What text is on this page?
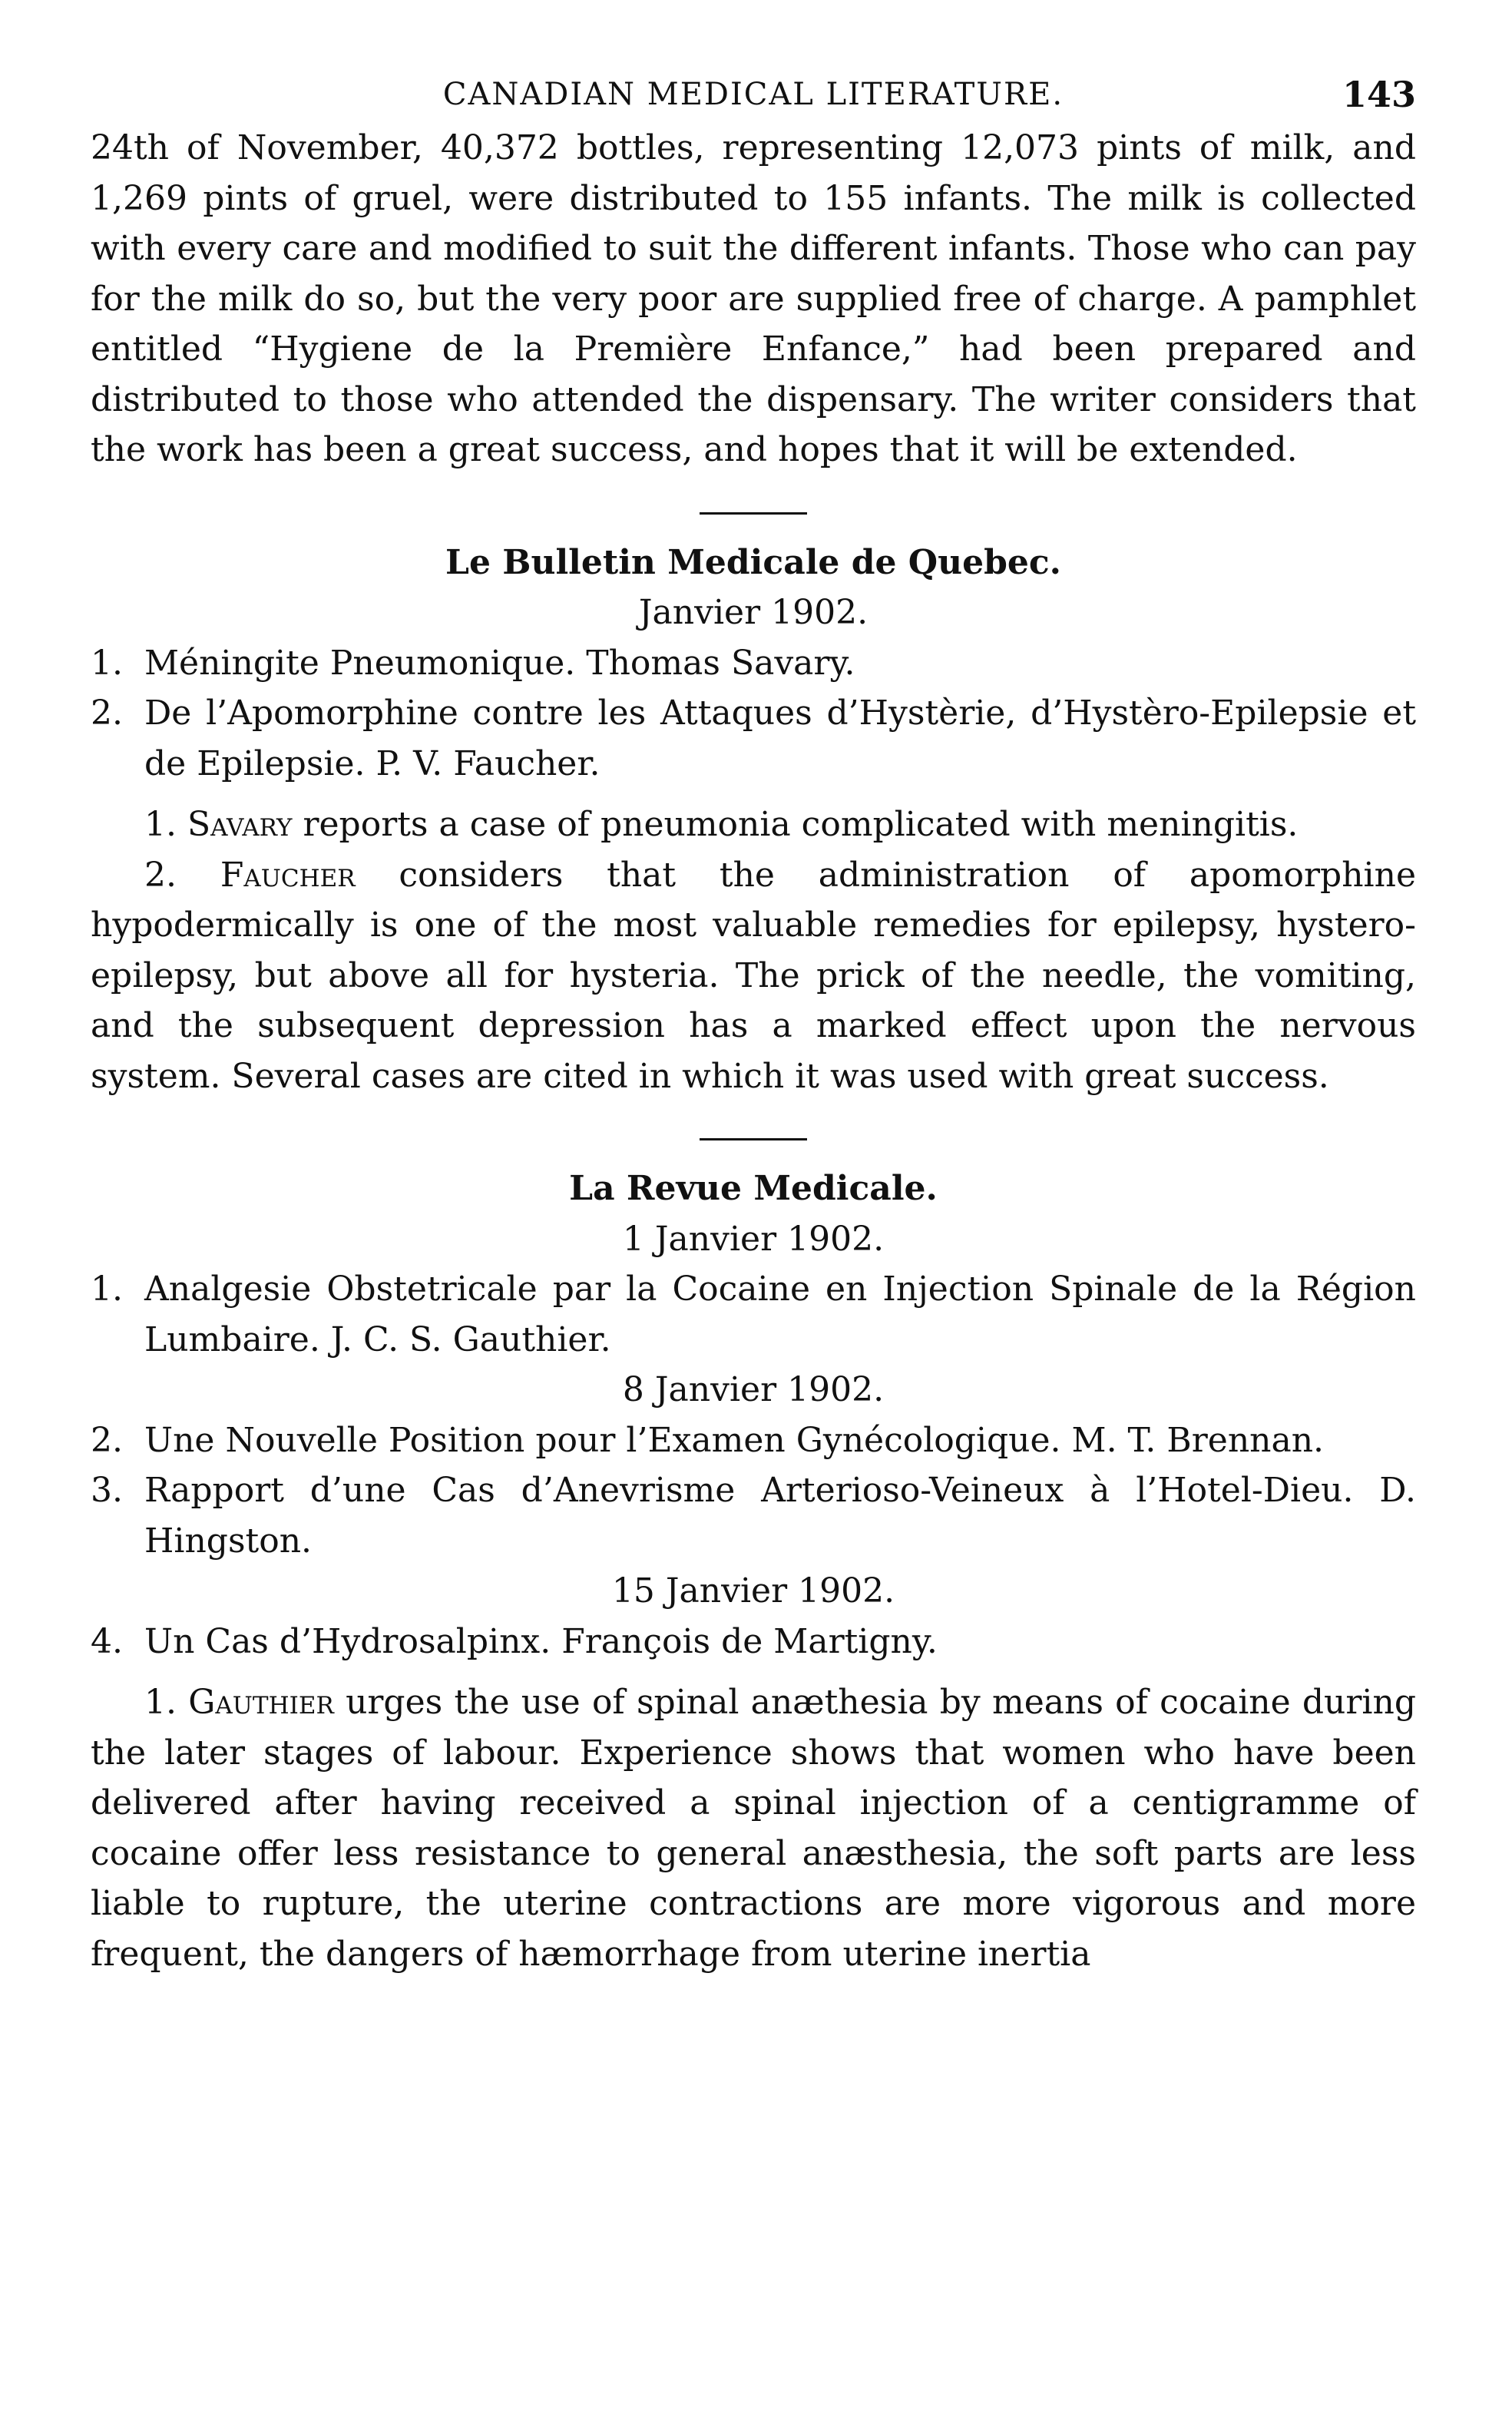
CANADIAN MEDICAL LITERATURE.	143

24th of November, 40,372 bottles, representing 12,073 pints of milk, and 1,269 pints of gruel, were distributed to 155 infants. The milk is collected with every care and modified to suit the different infants. Those who can pay for the milk do so, but the very poor are supplied free of charge. A pamphlet entitled “Hygiene de la Première Enfance,” had been prepared and distributed to those who attended the dispensary. The writer considers that the work has been a great success, and hopes that it will be extended.

Le Bulletin Medicale de Quebec.
Janvier 1902.
1. Méningite Pneumonique. Thomas Savary.
2. De l’Apomorphine contre les Attaques d’Hystèrie, d’Hystèro-Epilepsie et de Epilepsie. P. V. Faucher.

1. Savary reports a case of pneumonia complicated with meningitis.

2. Faucher considers that the administration of apomorphine hypodermically is one of the most valuable remedies for epilepsy, hystero-epilepsy, but above all for hysteria. The prick of the needle, the vomiting, and the subsequent depression has a marked effect upon the nervous system. Several cases are cited in which it was used with great success.

La Revue Medicale.
1 Janvier 1902.
1. Analgesie Obstetricale par la Cocaine en Injection Spinale de la Région Lumbaire. J. C. S. Gauthier.
8 Janvier 1902.
2. Une Nouvelle Position pour l’Examen Gynécologique. M. T. Brennan.
3. Rapport d’une Cas d’Anevrisme Arterioso-Veineux à l’Hotel-Dieu. D. Hingston.
15 Janvier 1902.
4. Un Cas d’Hydrosalpinx. François de Martigny.

1. Gauthier urges the use of spinal anæthesia by means of cocaine during the later stages of labour. Experience shows that women who have been delivered after having received a spinal injection of a centigramme of cocaine offer less resistance to general anæsthesia, the soft parts are less liable to rupture, the uterine contractions are more vigorous and more frequent, the dangers of hæmorrhage from uterine inertia
